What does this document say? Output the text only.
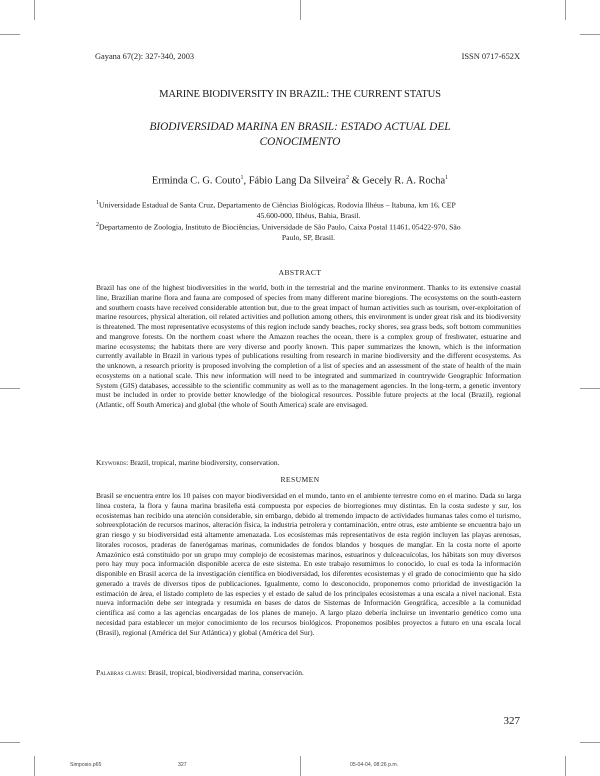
Gayana 67(2): 327-340, 2003	ISSN 0717-652X
MARINE BIODIVERSITY IN BRAZIL: THE CURRENT STATUS
BIODIVERSIDAD MARINA EN BRASIL: ESTADO ACTUAL DEL CONOCIMENTO
Erminda C. G. Couto$^1$, Fábio Lang Da Silveira$^2$ & Gecely R. A. Rocha$^1$
$^1$Universidade Estadual de Santa Cruz, Departamento de Ciências Biológicas, Rodovia Ilhéus – Itabuna, km 16, CEP
45.600-000, Ilhéus, Bahia, Brasil.
$^2$Departamento de Zoologia, Instituto de Biociências, Universidade de São Paulo, Caixa Postal 11461, 05422-970, São
Paulo, SP, Brasil.
ABSTRACT
Brazil has one of the highest biodiversities in the world, both in the terrestrial and the marine environment. Thanks to its extensive coastal line, Brazilian marine flora and fauna are composed of species from many different marine bioregions. The ecosystems on the south-eastern and southern coasts have received considerable attention but, due to the great impact of human activities such as tourism, over-exploitation of marine resources, physical alteration, oil related activities and pollution among others, this environment is under great risk and its biodiversity is threatened. The most representative ecosystems of this region include sandy beaches, rocky shores, sea grass beds, soft bottom communities and mangrove forests. On the northern coast where the Amazon reaches the ocean, there is a complex group of freshwater, estuarine and marine ecosystems; the habitats there are very diverse and poorly known. This paper summarizes the known, which is the information currently available in Brazil in various types of publications resulting from research in marine biodiversity and the different ecosystems. As the unknown, a research priority is proposed involving the completion of a list of species and an assessment of the state of health of the main ecosystems on a national scale. This new information will need to be integrated and summarized in countrywide Geographic Information System (GIS) databases, accessible to the scientific community as well as to the management agencies. In the long-term, a genetic inventory must be included in order to provide better knowledge of the biological resources. Possible future projects at the local (Brazil), regional (Atlantic, off South America) and global (the whole of South America) scale are envisaged.
Keywords: Brazil, tropical, marine biodiversity, conservation.
RESUMEN
Brasil se encuentra entre los 10 países con mayor biodiversidad en el mundo, tanto en el ambiente terrestre como en el marino. Dada su larga línea costera, la flora y fauna marina brasileña está compuesta por especies de biorregiones muy distintas. En la costa sudeste y sur, los ecosistemas han recibido una atención considerable, sin embargo, debido al tremendo impacto de actividades humanas tales como el turismo, sobreexplotación de recursos marinos, alteración física, la industria petrolera y contaminación, entre otras, este ambiente se encuentra bajo un gran riesgo y su biodiversidad está altamente amenazada. Los ecosistemas más representativos de esta región incluyen las playas arenosas, litorales rocosos, praderas de fanerógamas marinas, comunidades de fondos blandos y bosques de manglar. En la costa norte el aporte Amazónico está constituido por un grupo muy complejo de ecosistemas marinos, estuarinos y dulceacuícolas, los hábitats son muy diversos pero hay muy poca información disponible acerca de este sistema. En este trabajo resumimos lo conocido, lo cual es toda la información disponible en Brasil acerca de la investigación científica en biodiversidad, los diferentes ecosistemas y el grado de conocimiento que ha sido generado a través de diversos tipos de publicaciones. Igualmente, como lo desconocido, proponemos como prioridad de investigación la estimación de área, el listado completo de las especies y el estado de salud de los principales ecosistemas a una escala a nivel nacional. Esta nueva información debe ser integrada y resumida en bases de datos de Sistemas de Información Geográfica, accesible a la comunidad científica así como a las agencias encargadas de los planes de manejo. A largo plazo debería incluirse un inventario genético como una necesidad para establecer un mejor conocimiento de los recursos biológicos. Proponemos posibles proyectos a futuro en una escala local (Brasil), regional (América del Sur Atlántica) y global (América del Sur).
Palabras claves: Brasil, tropical, biodiversidad marina, conservación.
327
Simposio.p65	327	05-04-04, 08:26 p.m.
